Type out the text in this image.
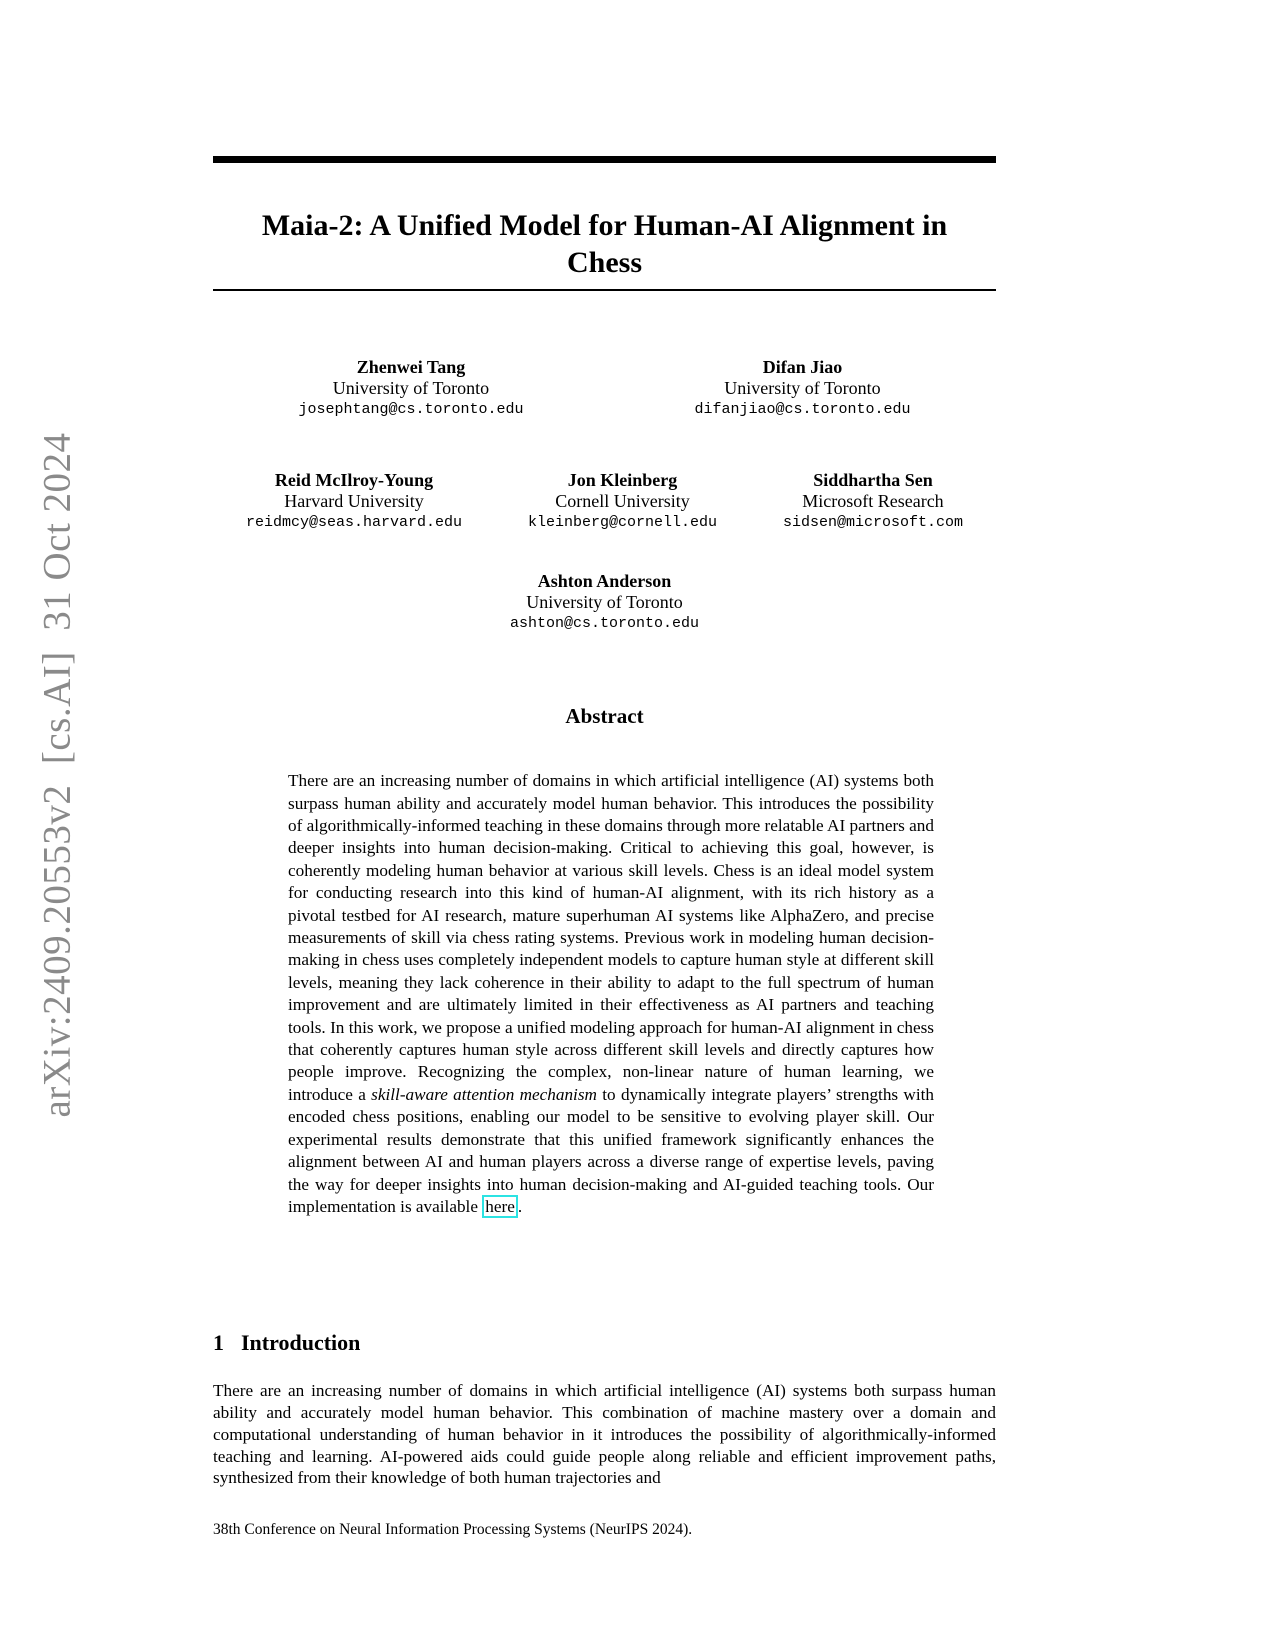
arXiv:2409.20553v2  [cs.AI]  31 Oct 2024
Maia-2: A Unified Model for Human-AI Alignment in
Chess
Zhenwei Tang
University of Toronto
josephtang@cs.toronto.edu
Difan Jiao
University of Toronto
difanjiao@cs.toronto.edu
Reid McIlroy-Young
Harvard University
reidmcy@seas.harvard.edu
Jon Kleinberg
Cornell University
kleinberg@cornell.edu
Siddhartha Sen
Microsoft Research
sidsen@microsoft.com
Ashton Anderson
University of Toronto
ashton@cs.toronto.edu
Abstract

There are an increasing number of domains in which artificial intelligence (AI) systems both surpass human ability and accurately model human behavior. This introduces the possibility of algorithmically-informed teaching in these domains through more relatable AI partners and deeper insights into human decision-making. Critical to achieving this goal, however, is coherently modeling human behavior at various skill levels. Chess is an ideal model system for conducting research into this kind of human-AI alignment, with its rich history as a pivotal testbed for AI research, mature superhuman AI systems like AlphaZero, and precise measurements of skill via chess rating systems. Previous work in modeling human decision-making in chess uses completely independent models to capture human style at different skill levels, meaning they lack coherence in their ability to adapt to the full spectrum of human improvement and are ultimately limited in their effectiveness as AI partners and teaching tools. In this work, we propose a unified modeling approach for human-AI alignment in chess that coherently captures human style across different skill levels and directly captures how people improve. Recognizing the complex, non-linear nature of human learning, we introduce a skill-aware attention mechanism to dynamically integrate players’ strengths with encoded chess positions, enabling our model to be sensitive to evolving player skill. Our experimental results demonstrate that this unified framework significantly enhances the alignment between AI and human players across a diverse range of expertise levels, paving the way for deeper insights into human decision-making and AI-guided teaching tools. Our implementation is available here .

1 Introduction

There are an increasing number of domains in which artificial intelligence (AI) systems both surpass human ability and accurately model human behavior. This combination of machine mastery over a domain and computational understanding of human behavior in it introduces the possibility of algorithmically-informed teaching and learning. AI-powered aids could guide people along reliable and efficient improvement paths, synthesized from their knowledge of both human trajectories and

38th Conference on Neural Information Processing Systems (NeurIPS 2024).
